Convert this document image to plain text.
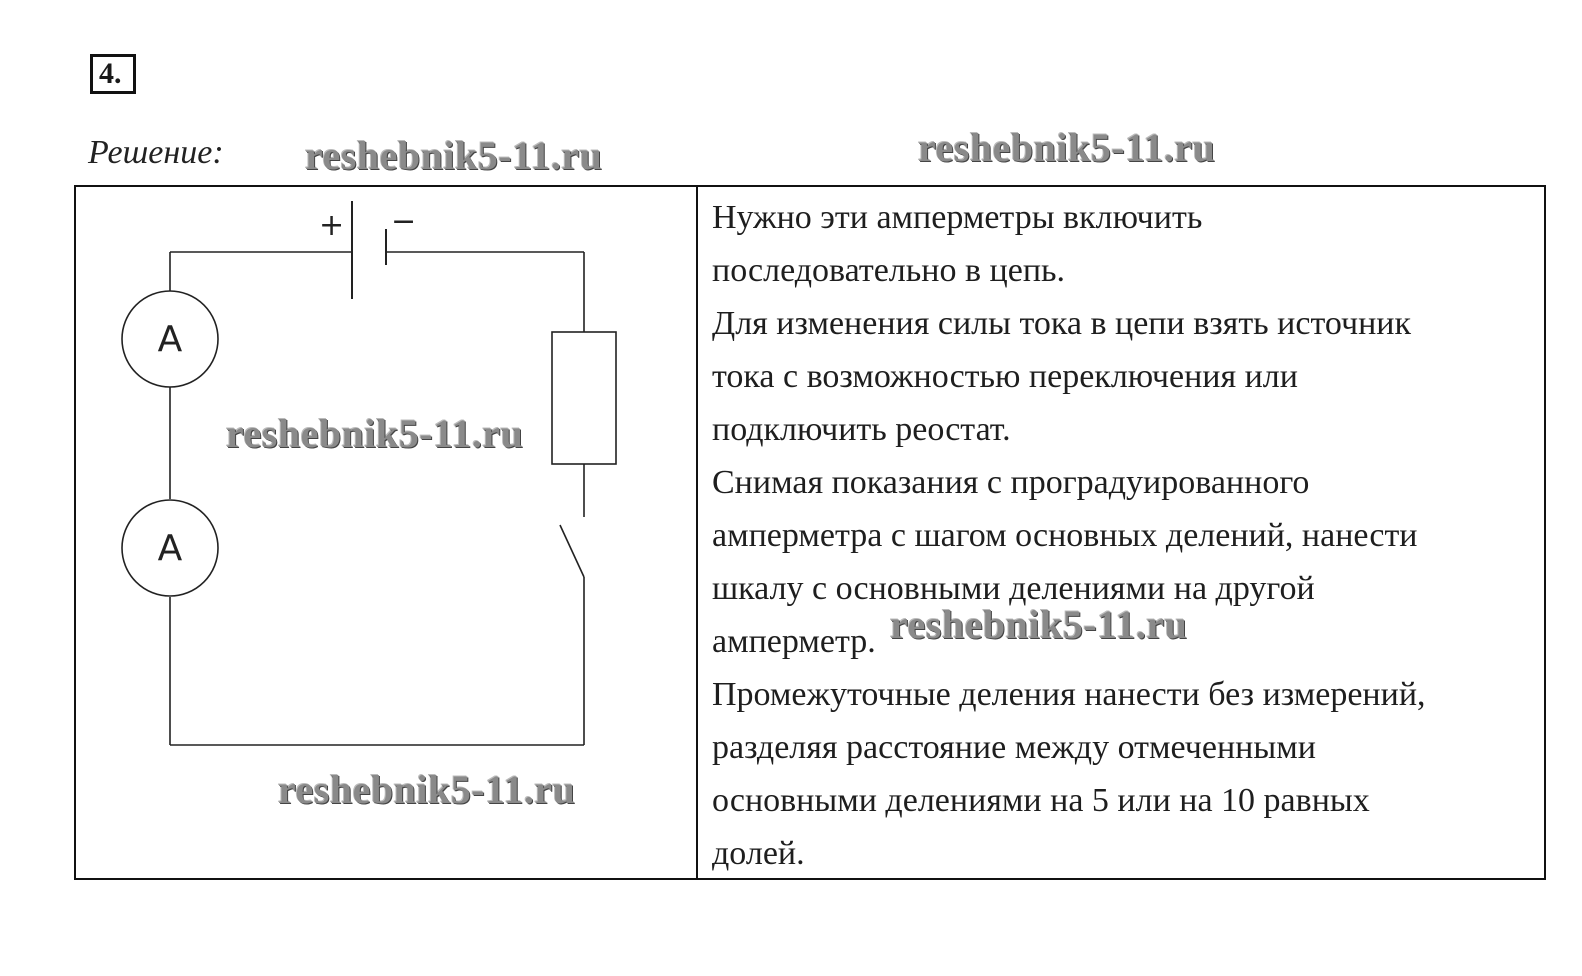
4.
Решение:
+ −
A
A

Нужно эти амперметры включить

последовательно в цепь.

Для изменения силы тока в цепи взять источник

тока с возможностью переключения или

подключить реостат.

Снимая показания с проградуированного

амперметра с шагом основных делений, нанести

шкалу с основными делениями на другой

амперметр.

Промежуточные деления нанести без измерений,

разделяя расстояние между отмеченными

основными делениями на 5 или на 10 равных

долей.

reshebnik5-11.ru	reshebnik5-11.ru
reshebnik5-11.ru
reshebnik5-11.ru
reshebnik5-11.ru
